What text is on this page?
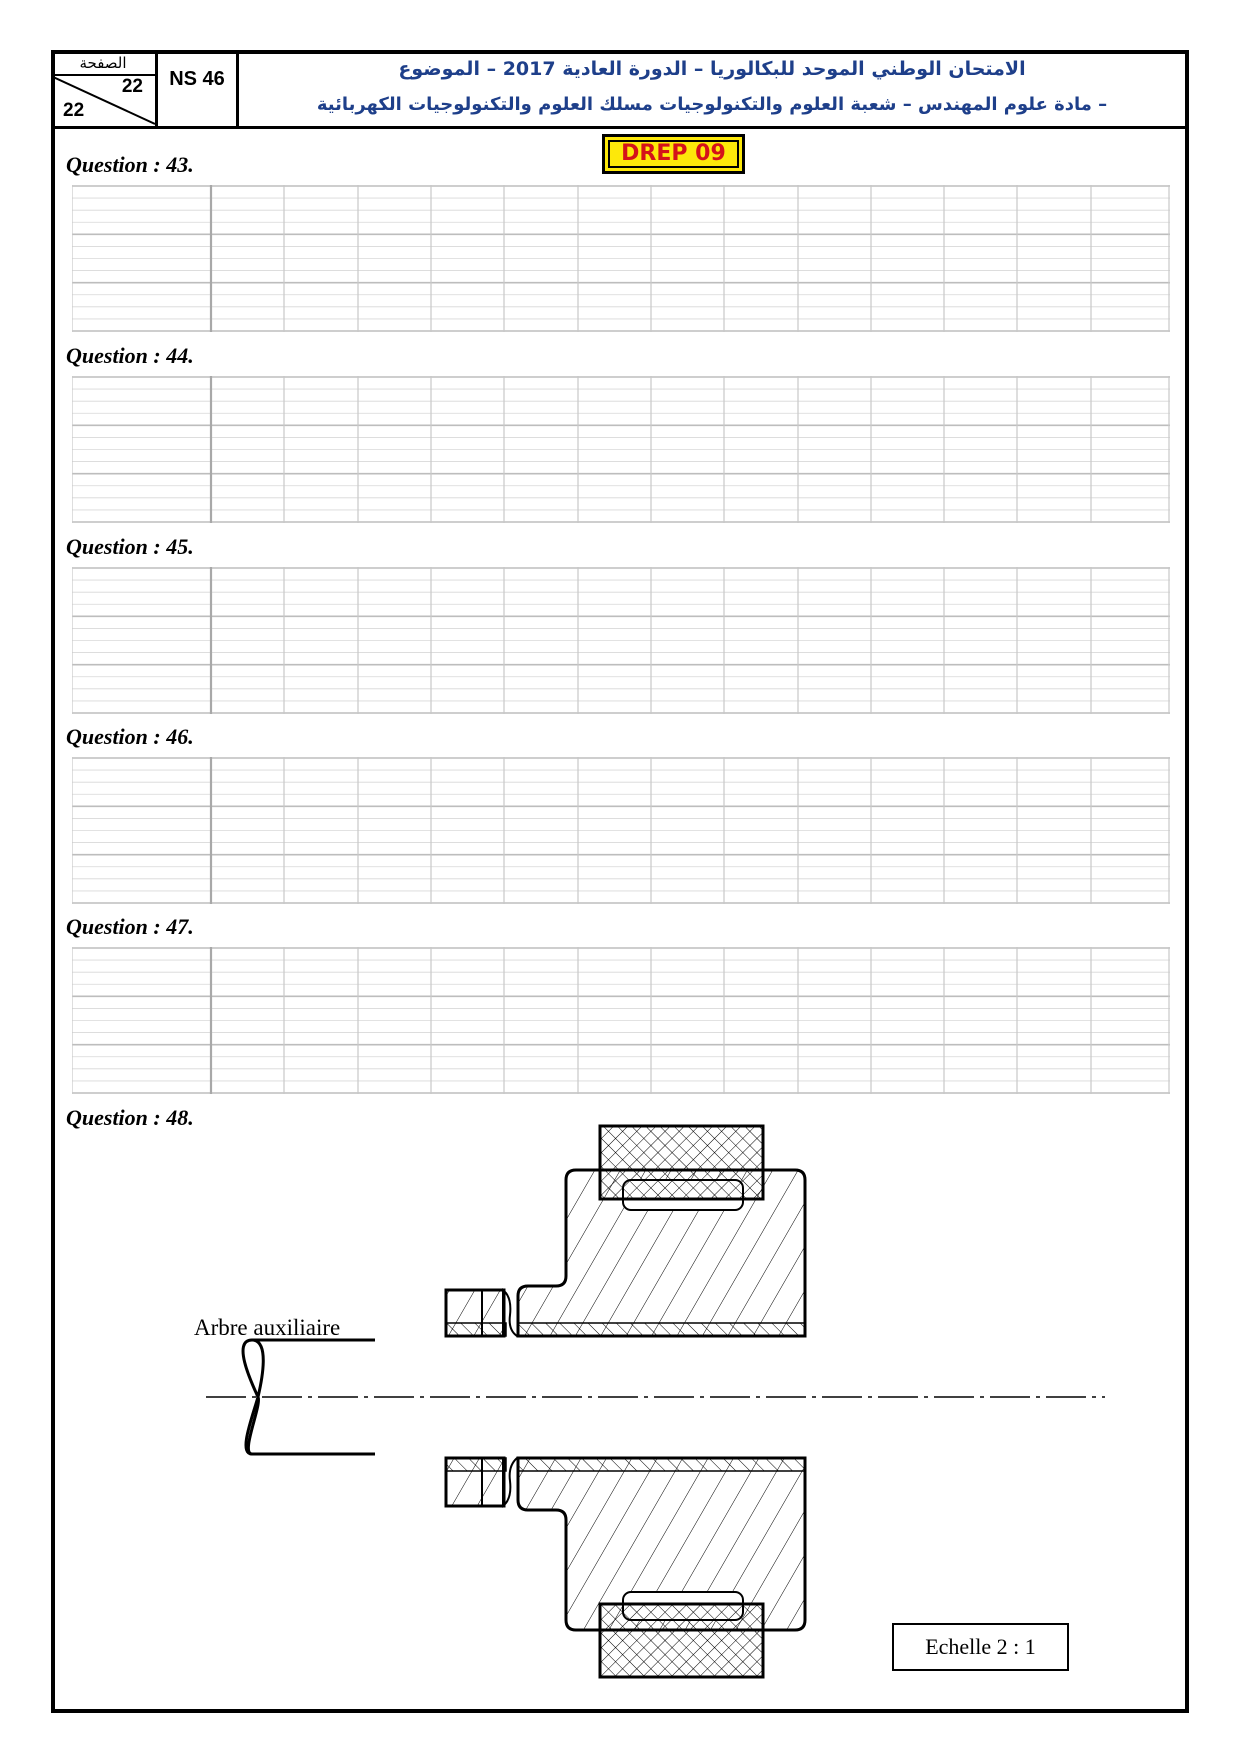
الصفحة
22
22
NS 46	الامتحان الوطني الموحد للبكالوريا – الدورة العادية 2017 – الموضوع
– مادة علوم المهندس – شعبة العلوم والتكنولوجيات مسلك العلوم والتكنولوجيات الكهربائية
DREP 09
Question : 43.
Question : 44.
Question : 45.
Question : 46.
Question : 47.
Question : 48.
Arbre auxiliaire
Echelle 2 : 1
